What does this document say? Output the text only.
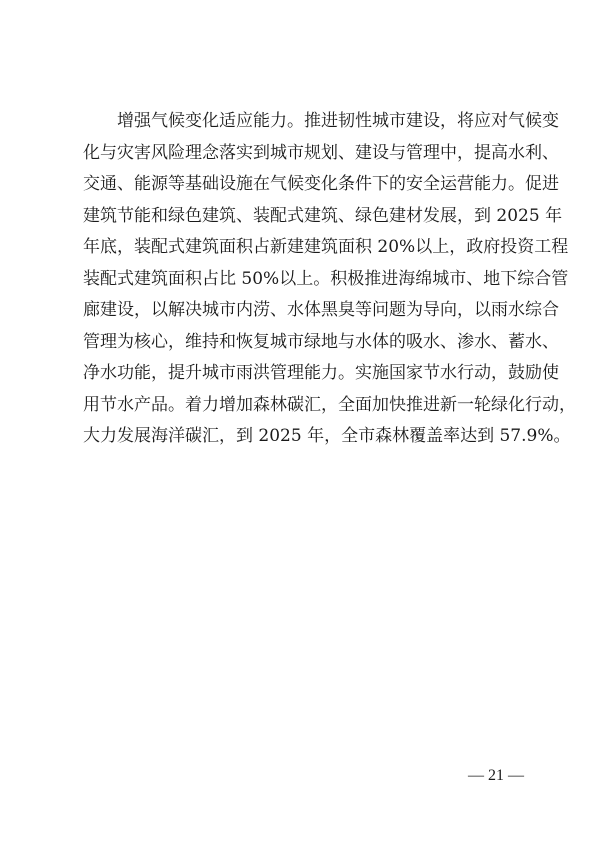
增强气候变化适应能力。推进韧性城市建设，将应对气候变
化与灾害风险理念落实到城市规划、建设与管理中，提高水利、
交通、能源等基础设施在气候变化条件下的安全运营能力。促进
建筑节能和绿色建筑、装配式建筑、绿色建材发展，到 2025 年
年底，装配式建筑面积占新建建筑面积 20%以上，政府投资工程
装配式建筑面积占比 50%以上。积极推进海绵城市、地下综合管
廊建设，以解决城市内涝、水体黑臭等问题为导向，以雨水综合
管理为核心，维持和恢复城市绿地与水体的吸水、渗水、蓄水、
净水功能，提升城市雨洪管理能力。实施国家节水行动，鼓励使
用节水产品。着力增加森林碳汇，全面加快推进新一轮绿化行动，
大力发展海洋碳汇，到 2025 年，全市森林覆盖率达到 57.9%。
— 21 —
